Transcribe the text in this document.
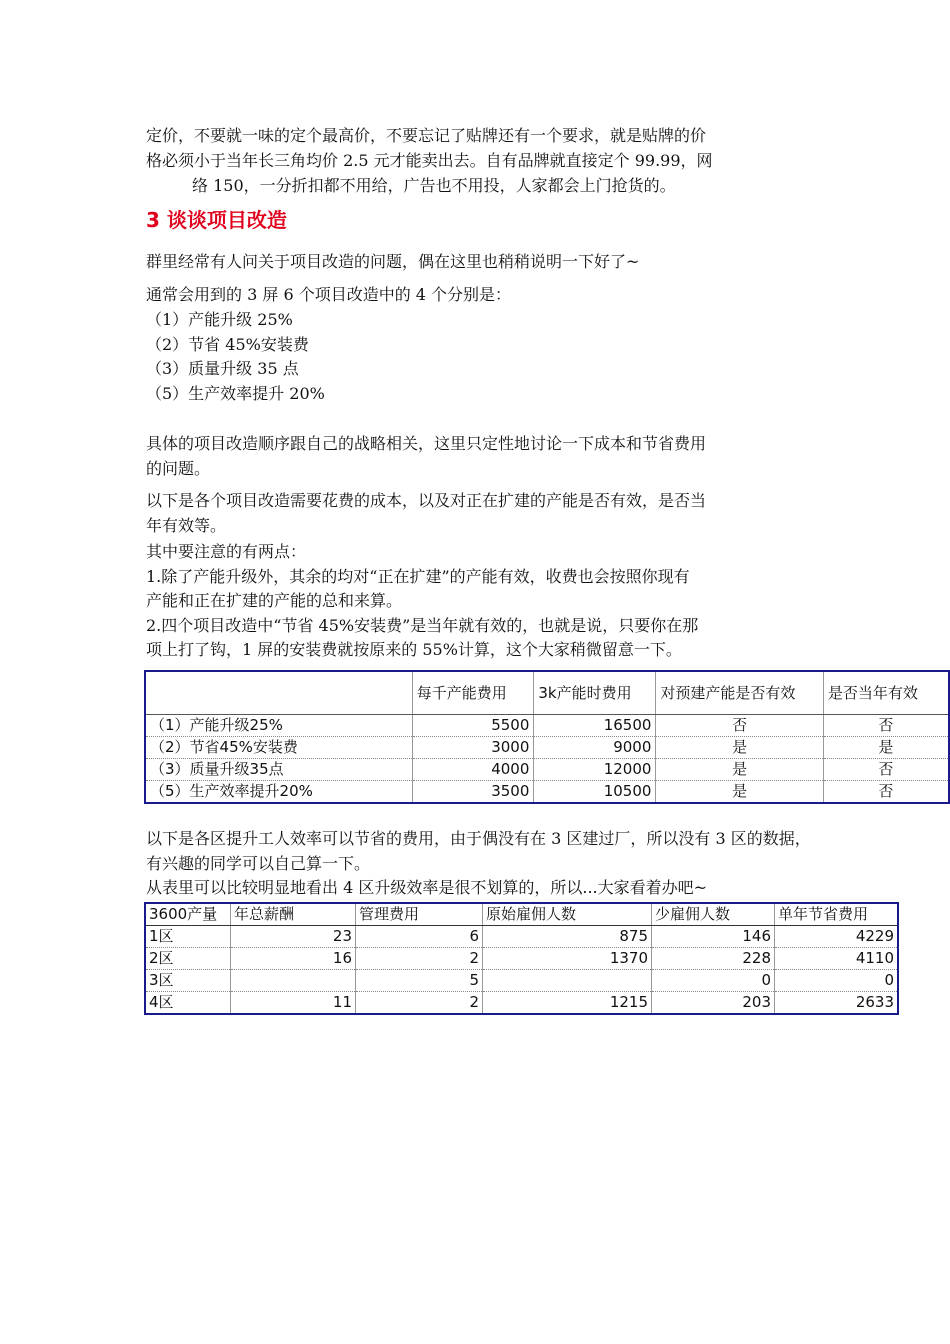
定价，不要就一味的定个最高价，不要忘记了贴牌还有一个要求，就是贴牌的价
格必须小于当年长三角均价 2.5 元才能卖出去。自有品牌就直接定个 99.99，网
络 150，一分折扣都不用给，广告也不用投，人家都会上门抢货的。
3 谈谈项目改造
群里经常有人问关于项目改造的问题，偶在这里也稍稍说明一下好了~
通常会用到的 3 屏 6 个项目改造中的 4 个分别是：
（1）产能升级 25%
（2）节省 45%安装费
（3）质量升级 35 点
（5）生产效率提升 20%
具体的项目改造顺序跟自己的战略相关，这里只定性地讨论一下成本和节省费用
的问题。
以下是各个项目改造需要花费的成本，以及对正在扩建的产能是否有效，是否当
年有效等。
其中要注意的有两点：
1.除了产能升级外，其余的均对“正在扩建”的产能有效，收费也会按照你现有
产能和正在扩建的产能的总和来算。
2.四个项目改造中“节省 45%安装费”是当年就有效的，也就是说，只要你在那
项上打了钩，1 屏的安装费就按原来的 55%计算，这个大家稍微留意一下。
	每千产能费用	3k产能时费用	对预建产能是否有效	是否当年有效
（1）产能升级25%	5500	16500	否	否
（2）节省45%安装费	3000	9000	是	是
（3）质量升级35点	4000	12000	是	否
（5）生产效率提升20%	3500	10500	是	否
以下是各区提升工人效率可以节省的费用，由于偶没有在 3 区建过厂，所以没有 3 区的数据，
有兴趣的同学可以自己算一下。
从表里可以比较明显地看出 4 区升级效率是很不划算的，所以...大家看着办吧~
3600产量	年总薪酬	管理费用	原始雇佣人数	少雇佣人数	单年节省费用
1区	23	6	875	146	4229
2区	16	2	1370	228	4110
3区		5		0	0
4区	11	2	1215	203	2633
